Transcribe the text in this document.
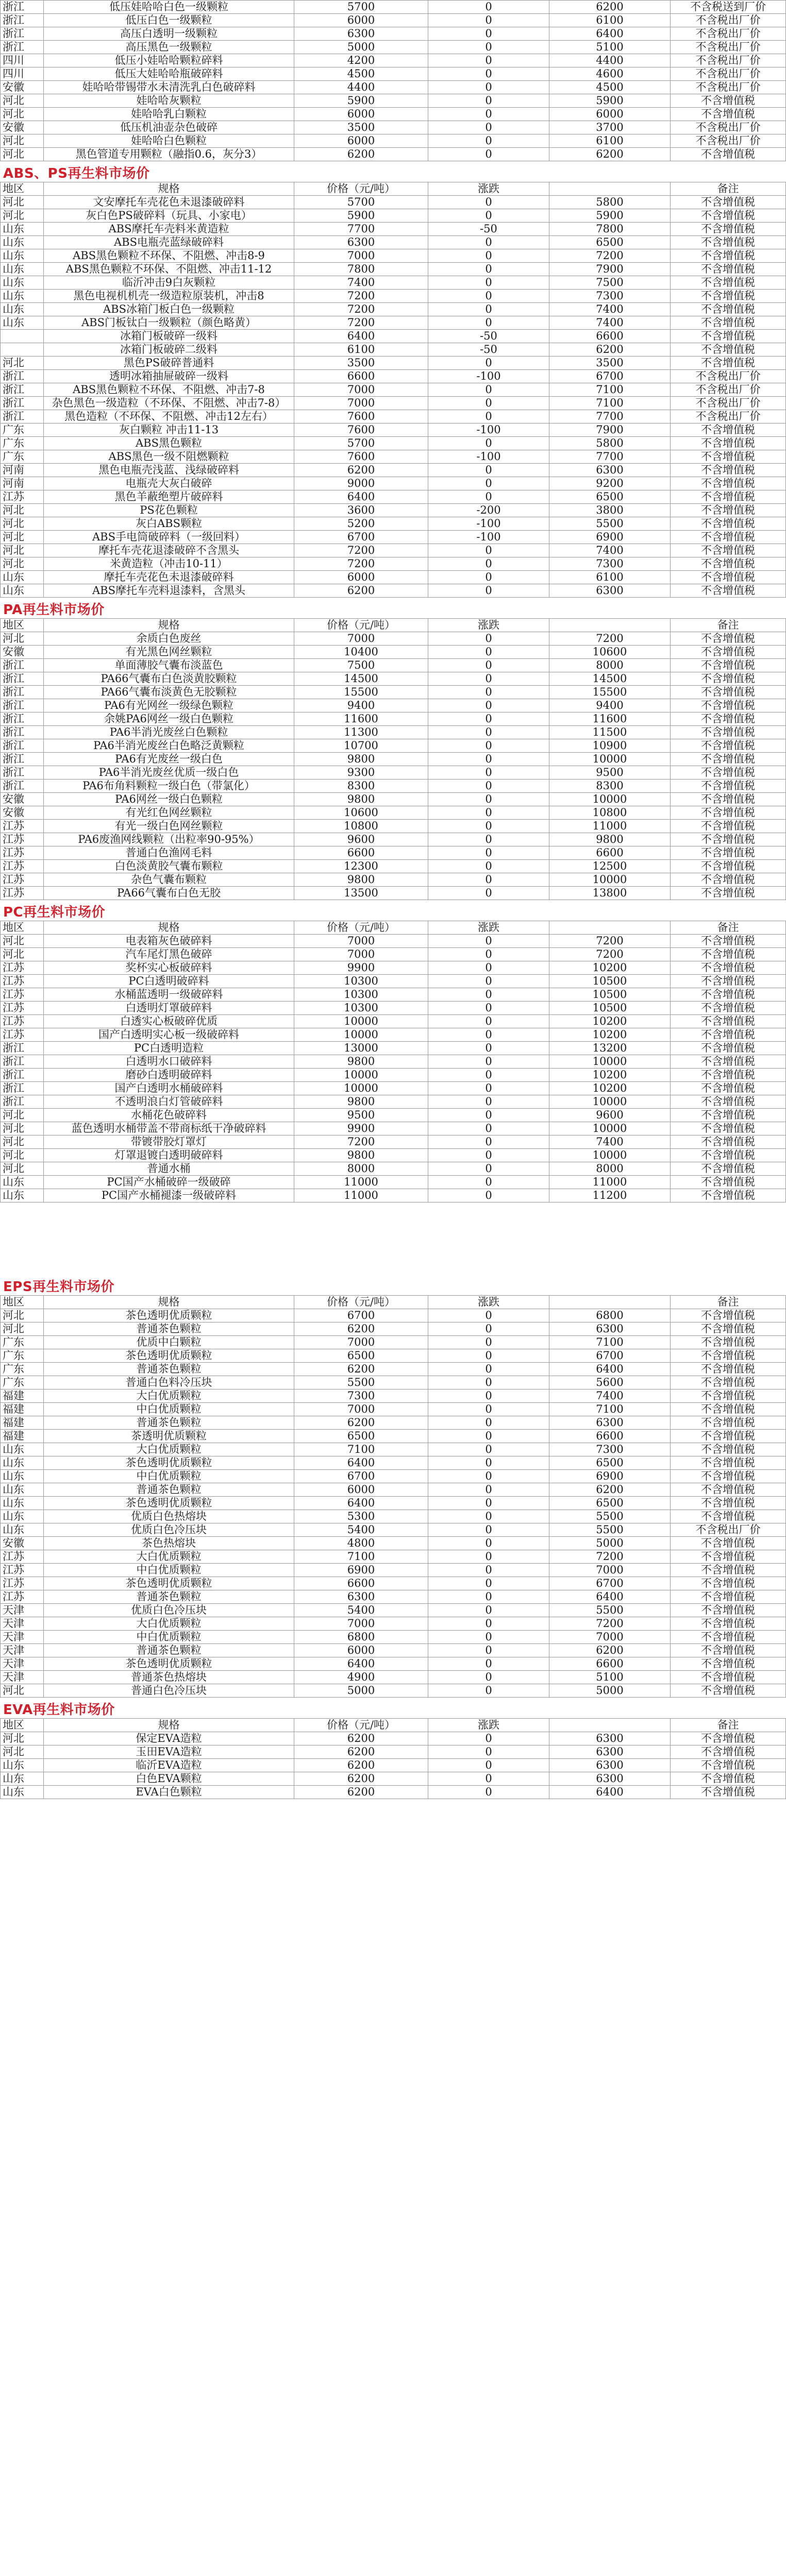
浙江	低压娃哈哈白色一级颗粒	5700	0	6200	不含税送到厂价
浙江	低压白色一级颗粒	6000	0	6100	不含税出厂价
浙江	高压白透明一级颗粒	6300	0	6400	不含税出厂价
浙江	高压黑色一级颗粒	5000	0	5100	不含税出厂价
四川	低压小娃哈哈颗粒碎料	4200	0	4400	不含税出厂价
四川	低压大娃哈哈瓶破碎料	4500	0	4600	不含税出厂价
安徽	娃哈哈带锡带水未清洗乳白色破碎料	4400	0	4500	不含税出厂价
河北	娃哈哈灰颗粒	5900	0	5900	不含增值税
河北	娃哈哈乳白颗粒	6000	0	6000	不含增值税
安徽	低压机油壶杂色破碎	3500	0	3700	不含税出厂价
河北	娃哈哈白色颗粒	6000	0	6100	不含税出厂价
河北	黑色管道专用颗粒（融指0.6，灰分3）	6200	0	6200	不含增值税
ABS、PS再生料市场价
地区	规格	价格（元/吨）	涨跌		备注
河北	文安摩托车壳花色未退漆破碎料	5700	0	5800	不含增值税
河北	灰白色PS破碎料（玩具、小家电）	5900	0	5900	不含增值税
山东	ABS摩托车壳料米黄造粒	7700	-50	7800	不含增值税
山东	ABS电瓶壳蓝绿破碎料	6300	0	6500	不含增值税
山东	ABS黑色颗粒不环保、不阻燃、冲击8-9	7000	0	7200	不含增值税
山东	ABS黑色颗粒不环保、不阻燃、冲击11-12	7800	0	7900	不含增值税
山东	临沂冲击9白灰颗粒	7400	0	7500	不含增值税
山东	黑色电视机机壳一级造粒原装机，冲击8	7200	0	7300	不含增值税
山东	ABS冰箱门板白色一级颗粒	7200	0	7400	不含增值税
山东	ABS门板钛白一级颗粒（颜色略黄）	7200	0	7400	不含增值税
	冰箱门板破碎一级料	6400	-50	6600	不含增值税
	冰箱门板破碎二级料	6100	-50	6200	不含增值税
河北	黑色PS破碎普通料	3500	0	3500	不含增值税
浙江	透明冰箱抽屉破碎一级料	6600	-100	6700	不含税出厂价
浙江	ABS黑色颗粒不环保、不阻燃、冲击7-8	7000	0	7100	不含税出厂价
浙江	杂色黑色一级造粒（不环保、不阻燃、冲击7-8）	7000	0	7100	不含税出厂价
浙江	黑色造粒（不环保、不阻燃、冲击12左右）	7600	0	7700	不含税出厂价
广东	灰白颗粒 冲击11-13	7600	-100	7900	不含增值税
广东	ABS黑色颗粒	5700	0	5800	不含增值税
广东	ABS黑色一级不阻燃颗粒	7600	-100	7700	不含增值税
河南	黑色电瓶壳浅蓝、浅绿破碎料	6200	0	6300	不含增值税
河南	电瓶壳大灰白破碎	9000	0	9200	不含增值税
江苏	黑色羊蔽绝塑片破碎料	6400	0	6500	不含增值税
河北	PS花色颗粒	3600	-200	3800	不含增值税
河北	灰白ABS颗粒	5200	-100	5500	不含增值税
河北	ABS手电筒破碎料（一级回料）	6700	-100	6900	不含增值税
河北	摩托车壳花退漆破碎不含黑头	7200	0	7400	不含增值税
河北	米黄造粒（冲击10-11）	7200	0	7300	不含增值税
山东	摩托车壳花色未退漆破碎料	6000	0	6100	不含增值税
山东	ABS摩托车壳料退漆料，含黑头	6200	0	6300	不含增值税
PA再生料市场价
地区	规格	价格（元/吨）	涨跌		备注
河北	余质白色废丝	7000	0	7200	不含增值税
安徽	有光黑色网丝颗粒	10400	0	10600	不含增值税
浙江	单面薄胶气囊布淡蓝色	7500	0	8000	不含增值税
浙江	PA66气囊布白色淡黄胶颗粒	14500	0	14500	不含增值税
浙江	PA66气囊布淡黄色无胶颗粒	15500	0	15500	不含增值税
浙江	PA6有光网丝一级绿色颗粒	9400	0	9400	不含增值税
浙江	余姚PA6网丝一级白色颗粒	11600	0	11600	不含增值税
浙江	PA6半消光废丝白色颗粒	11300	0	11500	不含增值税
浙江	PA6半消光废丝白色略泛黄颗粒	10700	0	10900	不含增值税
浙江	PA6有光废丝一级白色	9800	0	10000	不含增值税
浙江	PA6半消光废丝优质一级白色	9300	0	9500	不含增值税
浙江	PA6布角料颗粒一级白色（带氯化）	8300	0	8300	不含增值税
安徽	PA6网丝一级白色颗粒	9800	0	10000	不含增值税
安徽	有光红色网丝颗粒	10600	0	10800	不含增值税
江苏	有光一级白色网丝颗粒	10800	0	11000	不含增值税
江苏	PA6废渔网线颗粒（出粒率90-95%）	9600	0	9800	不含增值税
江苏	普通白色渔网毛料	6600	0	6600	不含增值税
江苏	白色淡黄胶气囊布颗粒	12300	0	12500	不含增值税
江苏	杂色气囊布颗粒	9800	0	10000	不含增值税
江苏	PA66气囊布白色无胶	13500	0	13800	不含增值税
PC再生料市场价
地区	规格	价格（元/吨）	涨跌		备注
河北	电表箱灰色破碎料	7000	0	7200	不含增值税
河北	汽车尾灯黑色破碎	7000	0	7200	不含增值税
江苏	奖杯实心板破碎料	9900	0	10200	不含增值税
江苏	PC白透明破碎料	10300	0	10500	不含增值税
江苏	水桶蓝透明一级破碎料	10300	0	10500	不含增值税
江苏	白透明灯罩破碎料	10300	0	10500	不含增值税
江苏	白透实心板破碎优质	10000	0	10200	不含增值税
江苏	国产白透明实心板一级破碎料	10000	0	10200	不含增值税
浙江	PC白透明造粒	13000	0	13200	不含增值税
浙江	白透明水口破碎料	9800	0	10000	不含增值税
浙江	磨砂白透明破碎料	10000	0	10200	不含增值税
浙江	国产白透明水桶破碎料	10000	0	10200	不含增值税
浙江	不透明浪白灯管破碎料	9800	0	10000	不含增值税
河北	水桶花色破碎料	9500	0	9600	不含增值税
河北	蓝色透明水桶带盖不带商标纸干净破碎料	9900	0	10000	不含增值税
河北	带镀带胶灯罩灯	7200	0	7400	不含增值税
河北	灯罩退镀白透明破碎料	9800	0	10000	不含增值税
河北	普通水桶	8000	0	8000	不含增值税
山东	PC国产水桶破碎一级破碎	11000	0	11000	不含增值税
山东	PC国产水桶褪漆一级破碎料	11000	0	11200	不含增值税
EPS再生料市场价
地区	规格	价格（元/吨）	涨跌		备注
河北	茶色透明优质颗粒	6700	0	6800	不含增值税
河北	普通茶色颗粒	6200	0	6300	不含增值税
广东	优质中白颗粒	7000	0	7100	不含增值税
广东	茶色透明优质颗粒	6500	0	6700	不含增值税
广东	普通茶色颗粒	6200	0	6400	不含增值税
广东	普通白色料冷压块	5500	0	5600	不含增值税
福建	大白优质颗粒	7300	0	7400	不含增值税
福建	中白优质颗粒	7000	0	7100	不含增值税
福建	普通茶色颗粒	6200	0	6300	不含增值税
福建	茶透明优质颗粒	6500	0	6600	不含增值税
山东	大白优质颗粒	7100	0	7300	不含增值税
山东	茶色透明优质颗粒	6400	0	6500	不含增值税
山东	中白优质颗粒	6700	0	6900	不含增值税
山东	普通茶色颗粒	6000	0	6200	不含增值税
山东	茶色透明优质颗粒	6400	0	6500	不含增值税
山东	优质白色热熔块	5300	0	5500	不含增值税
山东	优质白色冷压块	5400	0	5500	不含税出厂价
安徽	茶色热熔块	4800	0	5000	不含增值税
江苏	大白优质颗粒	7100	0	7200	不含增值税
江苏	中白优质颗粒	6900	0	7000	不含增值税
江苏	茶色透明优质颗粒	6600	0	6700	不含增值税
江苏	普通茶色颗粒	6300	0	6400	不含增值税
天津	优质白色冷压块	5400	0	5500	不含增值税
天津	大白优质颗粒	7000	0	7200	不含增值税
天津	中白优质颗粒	6800	0	7000	不含增值税
天津	普通茶色颗粒	6000	0	6200	不含增值税
天津	茶色透明优质颗粒	6400	0	6600	不含增值税
天津	普通茶色热熔块	4900	0	5100	不含增值税
河北	普通白色冷压块	5000	0	5000	不含增值税
EVA再生料市场价
地区	规格	价格（元/吨）	涨跌		备注
河北	保定EVA造粒	6200	0	6300	不含增值税
河北	玉田EVA造粒	6200	0	6300	不含增值税
山东	临沂EVA造粒	6200	0	6300	不含增值税
山东	白色EVA颗粒	6200	0	6300	不含增值税
山东	EVA白色颗粒	6200	0	6400	不含增值税
